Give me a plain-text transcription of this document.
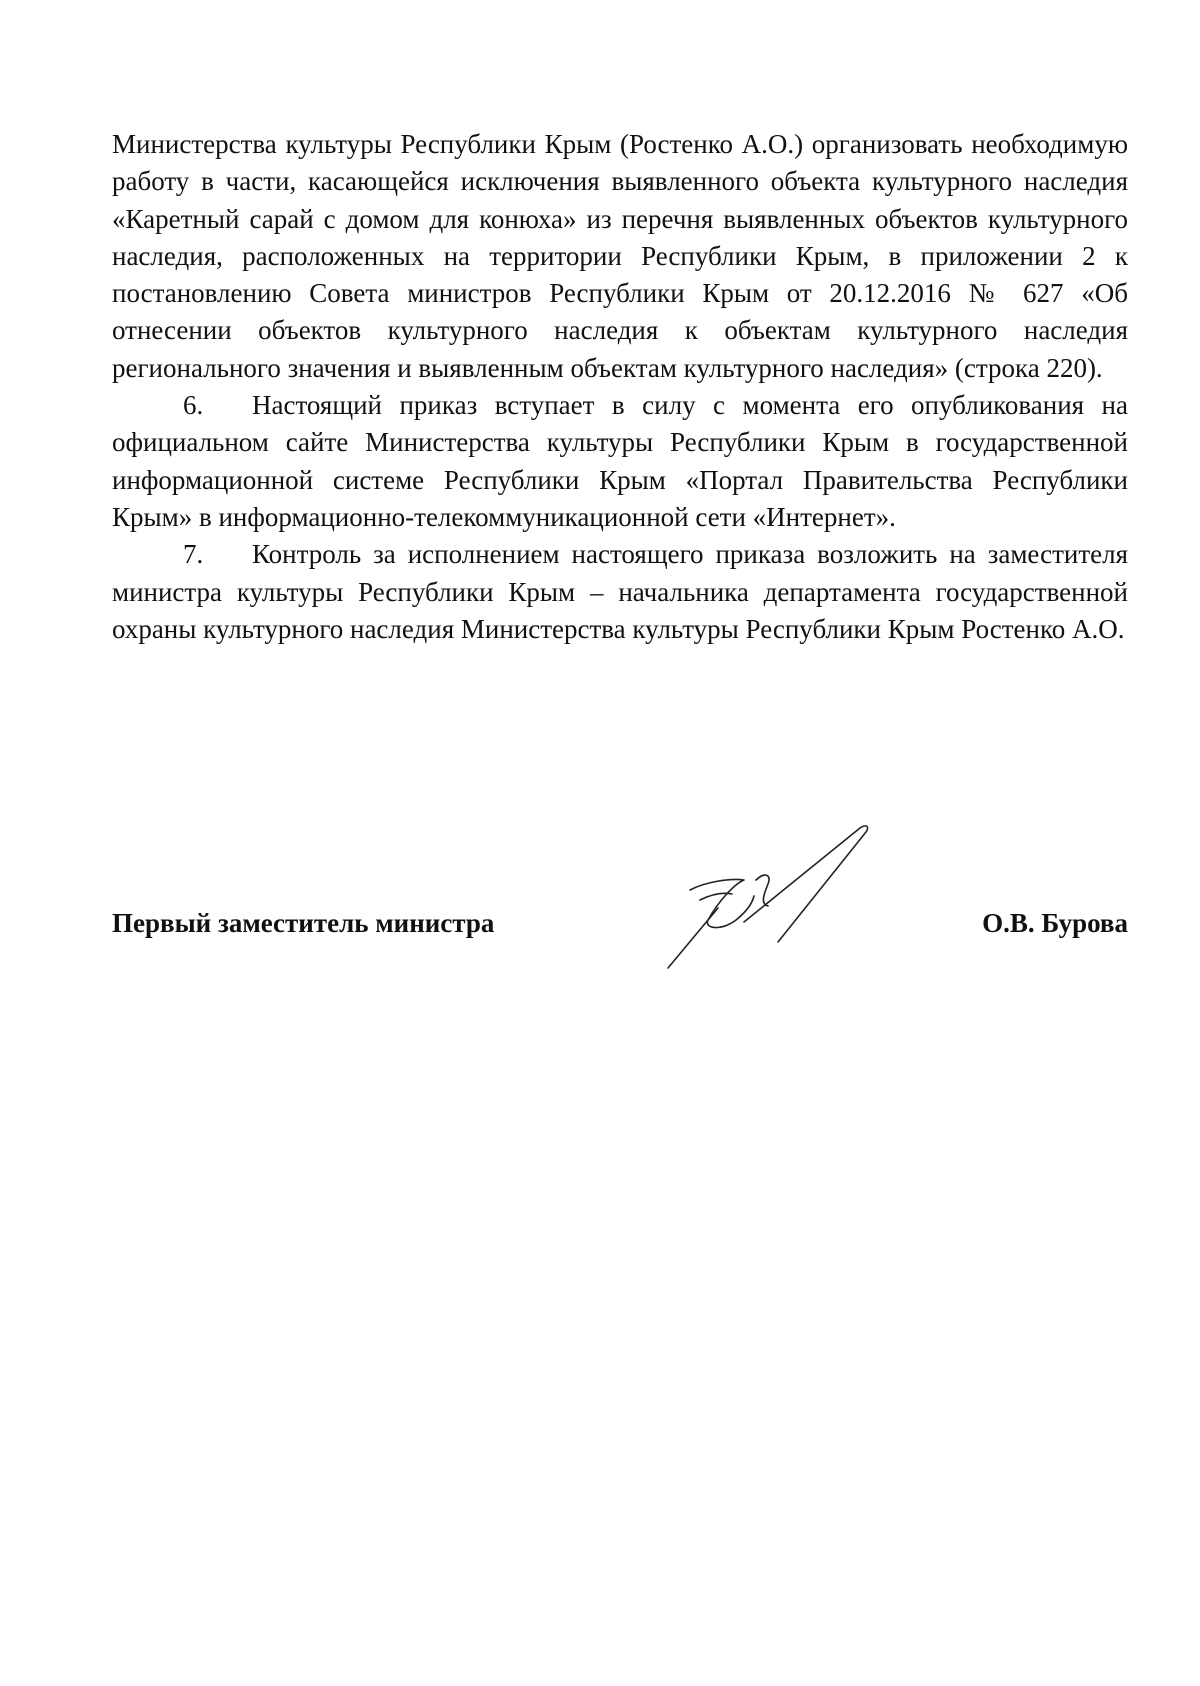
Министерства культуры Республики Крым (Ростенко А.О.) организовать необходимую работу в части, касающейся исключения выявленного объекта культурного наследия «Каретный сарай с домом для конюха» из перечня выявленных объектов культурного наследия, расположенных на территории Республики Крым, в приложении 2 к постановлению Совета министров Республики Крым от 20.12.2016 № 627 «Об отнесении объектов культурного наследия к объектам культурного наследия регионального значения и выявленным объектам культурного наследия» (строка 220).

6. Настоящий приказ вступает в силу с момента его опубликования на официальном сайте Министерства культуры Республики Крым в государственной информационной системе Республики Крым «Портал Правительства Республики Крым» в информационно-телекоммуникационной сети «Интернет».

7. Контроль за исполнением настоящего приказа возложить на заместителя министра культуры Республики Крым – начальника департамента государственной охраны культурного наследия Министерства культуры Республики Крым Ростенко А.О.

Первый заместитель министра	О.В. Бурова
